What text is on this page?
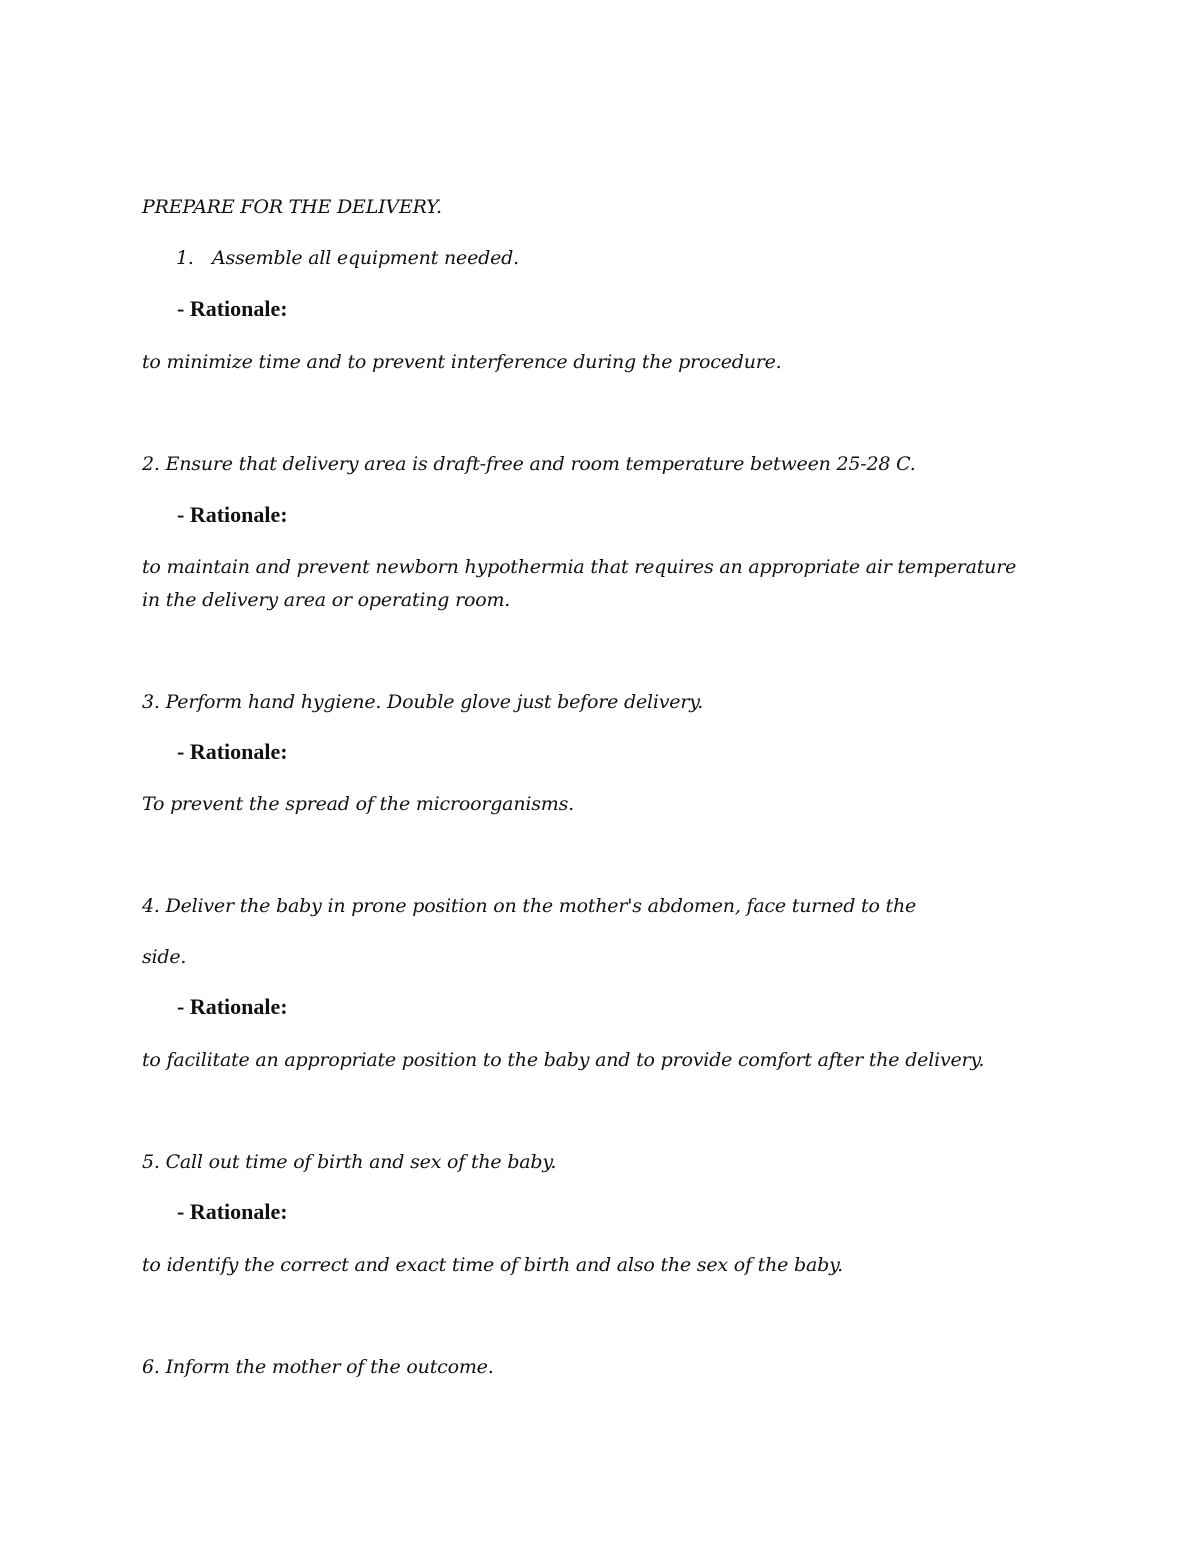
PREPARE FOR THE DELIVERY.

1. Assemble all equipment needed.

- Rationale:

to minimize time and to prevent interference during the procedure.

2. Ensure that delivery area is draft-free and room temperature between 25-28 C.

- Rationale:

to maintain and prevent newborn hypothermia that requires an appropriate air temperature

in the delivery area or operating room.

3. Perform hand hygiene. Double glove just before delivery.

- Rationale:

To prevent the spread of the microorganisms.

4. Deliver the baby in prone position on the mother's abdomen, face turned to the

side.

- Rationale:

to facilitate an appropriate position to the baby and to provide comfort after the delivery.

5. Call out time of birth and sex of the baby.

- Rationale:

to identify the correct and exact time of birth and also the sex of the baby.

6. Inform the mother of the outcome.
